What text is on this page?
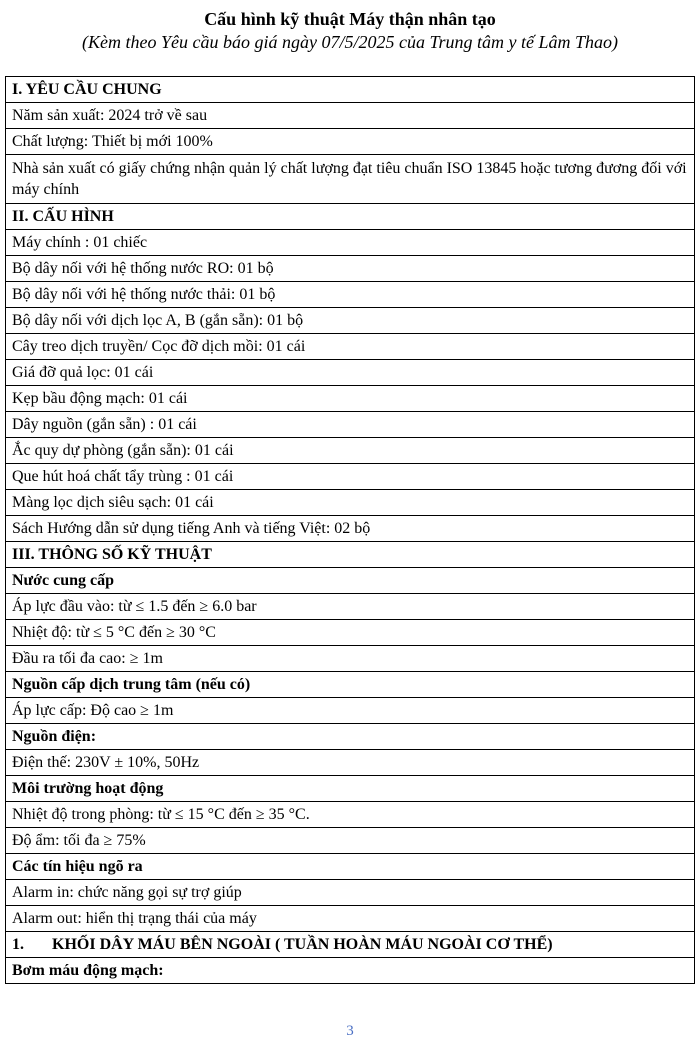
Cấu hình kỹ thuật Máy thận nhân tạo
(Kèm theo Yêu cầu báo giá ngày 07/5/2025 của Trung tâm y tế Lâm Thao)
I. YÊU CẦU CHUNG
Năm sản xuất: 2024 trở về sau
Chất lượng: Thiết bị mới 100%
Nhà sản xuất có giấy chứng nhận quản lý chất lượng đạt tiêu chuẩn ISO 13845 hoặc tương đương đối với máy chính
II. CẤU HÌNH
Máy chính : 01 chiếc
Bộ dây nối với hệ thống nước RO: 01 bộ
Bộ dây nối với hệ thống nước thải: 01 bộ
Bộ dây nối với dịch lọc A, B (gắn sẵn): 01 bộ
Cây treo dịch truyền/ Cọc đỡ dịch mồi: 01 cái
Giá đỡ quả lọc: 01 cái
Kẹp bầu động mạch: 01 cái
Dây nguồn (gắn sẵn) : 01 cái
Ắc quy dự phòng (gắn sẵn): 01 cái
Que hút hoá chất tẩy trùng : 01 cái
Màng lọc dịch siêu sạch: 01 cái
Sách Hướng dẫn sử dụng tiếng Anh và tiếng Việt: 02 bộ
III. THÔNG SỐ KỸ THUẬT
Nước cung cấp
Áp lực đầu vào: từ ≤ 1.5 đến ≥ 6.0 bar
Nhiệt độ: từ ≤ 5 °C đến ≥ 30 °C
Đầu ra tối đa cao: ≥ 1m
Nguồn cấp dịch trung tâm (nếu có)
Áp lực cấp: Độ cao ≥ 1m
Nguồn điện:
Điện thế: 230V ± 10%, 50Hz
Môi trường hoạt động
Nhiệt độ trong phòng: từ ≤ 15 °C đến ≥ 35 °C.
Độ ẩm: tối đa ≥ 75%
Các tín hiệu ngõ ra
Alarm in: chức năng gọi sự trợ giúp
Alarm out: hiển thị trạng thái của máy
1. KHỐI DÂY MÁU BÊN NGOÀI ( TUẦN HOÀN MÁU NGOÀI CƠ THỂ)
Bơm máu động mạch:
3
